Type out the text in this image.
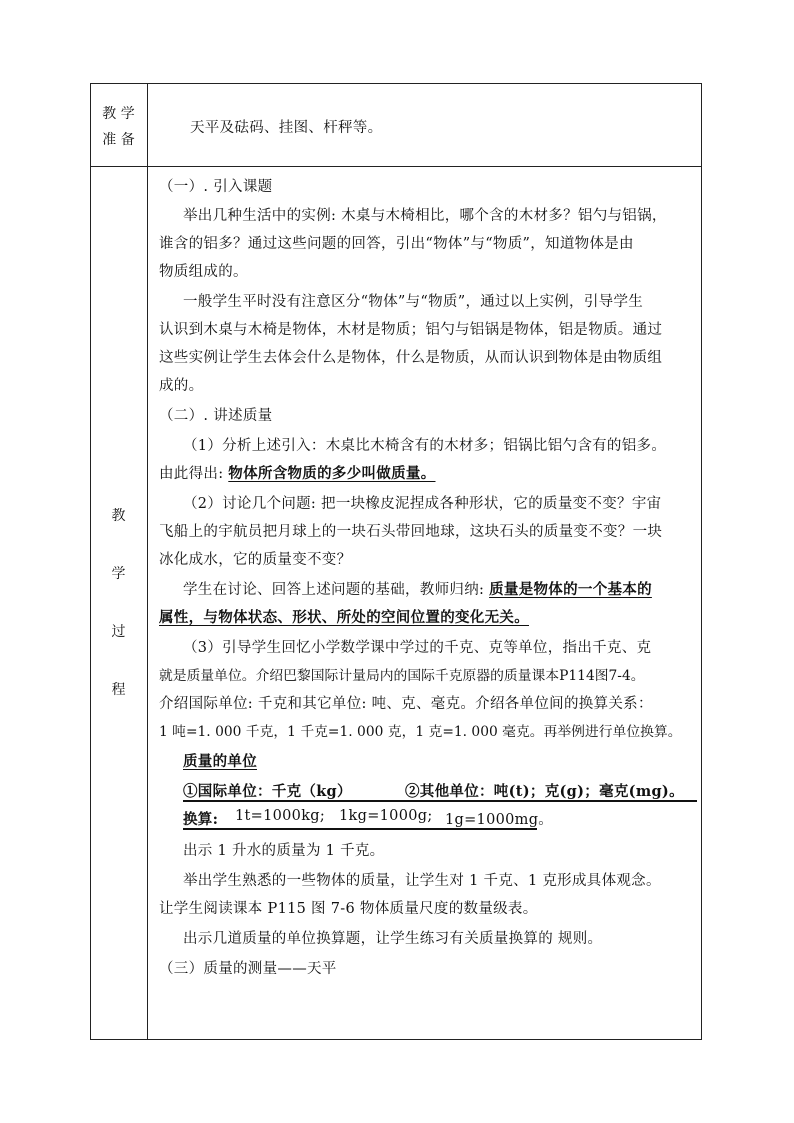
教 学
准 备
天平及砝码、挂图、杆秤等。
教
学
过
程
（一）. 引入课题
举出几种生活中的实例: 木桌与木椅相比，哪个含的木材多？铝勺与铝锅，
谁含的铝多？通过这些问题的回答，引出“物体”与“物质”，知道物体是由
物质组成的。
一般学生平时没有注意区分“物体”与“物质”，通过以上实例，引导学生
认识到木桌与木椅是物体，木材是物质；铝勺与铝锅是物体，铝是物质。通过
这些实例让学生去体会什么是物体，什么是物质，从而认识到物体是由物质组
成的。
（二）. 讲述质量
（1）分析上述引入：木桌比木椅含有的木材多；铝锅比铝勺含有的铝多。
由此得出: 物体所含物质的多少叫做质量。
（2）讨论几个问题: 把一块橡皮泥捏成各种形状，它的质量变不变？宇宙
飞船上的宇航员把月球上的一块石头带回地球，这块石头的质量变不变？一块
冰化成水，它的质量变不变？
学生在讨论、回答上述问题的基础，教师归纳: 质量是物体的一个基本的
属性，与物体状态、形状、所处的空间位置的变化无关。
（3）引导学生回忆小学数学课中学过的千克、克等单位，指出千克、克
就是质量单位。介绍巴黎国际计量局内的国际千克原器的质量课本P114图7-4。
介绍国际单位: 千克和其它单位: 吨、克、毫克。介绍各单位间的换算关系：
1 吨=1. 000 千克，1 千克=1. 000 克，1 克=1. 000 毫克。再举例进行单位换算。
质量的单位
①国际单位：千克（kg）	②其他单位：吨(t)；克(g)；毫克(mg)。
换算: 1t=1000kg; 1kg=1000g; 1g=1000mg。
出示 1 升水的质量为 1 千克。
举出学生熟悉的一些物体的质量，让学生对 1 千克、1 克形成具体观念。
让学生阅读课本 P115 图 7-6 物体质量尺度的数量级表。
出示几道质量的单位换算题，让学生练习有关质量换算的 规则。
（三）质量的测量——天平
